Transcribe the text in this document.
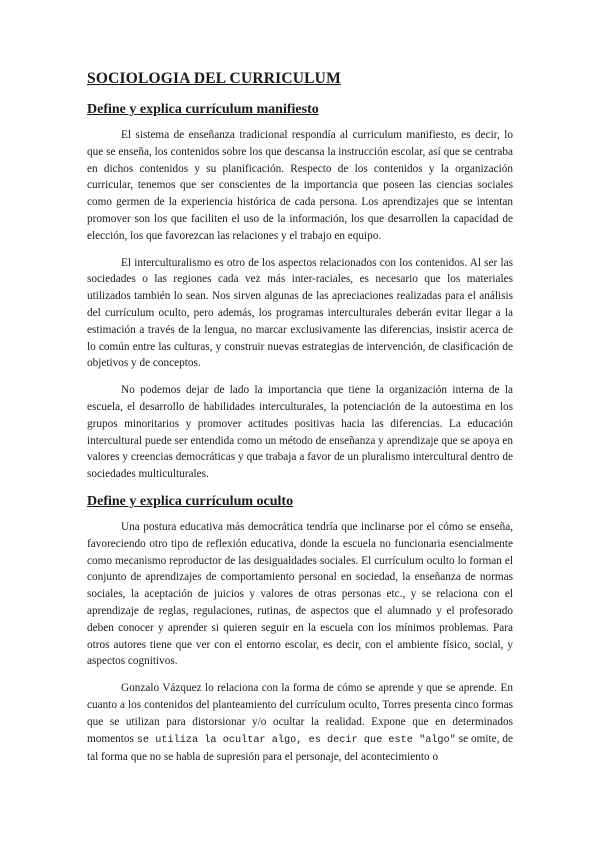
SOCIOLOGIA DEL CURRICULUM
Define y explica currículum manifiesto

El sistema de enseñanza tradicional respondía al curriculum manifiesto, es decir, lo que se enseña, los contenidos sobre los que descansa la instrucción escolar, así que se centraba en dichos contenidos y su planificación. Respecto de los contenidos y la organización curricular, tenemos que ser conscientes de la importancia que poseen las ciencias sociales como germen de la experiencia histórica de cada persona. Los aprendizajes que se intentan promover son los que faciliten el uso de la información, los que desarrollen la capacidad de elección, los que favorezcan las relaciones y el trabajo en equipo.

El interculturalismo es otro de los aspectos relacionados con los contenidos. Al ser las sociedades o las regiones cada vez más inter-raciales, es necesario que los materiales utilizados también lo sean. Nos sirven algunas de las apreciaciones realizadas para el análisis del currículum oculto, pero además, los programas interculturales deberán evitar llegar a la estimación a través de la lengua, no marcar exclusivamente las diferencias, insistir acerca de lo común entre las culturas, y construir nuevas estrategias de intervención, de clasificación de objetivos y de conceptos.

No podemos dejar de lado la importancia que tiene la organización interna de la escuela, el desarrollo de habilidades interculturales, la potenciación de la autoestima en los grupos minoritarios y promover actitudes positivas hacia las diferencias. La educación intercultural puede ser entendida como un método de enseñanza y aprendizaje que se apoya en valores y creencias democráticas y que trabaja a favor de un pluralismo intercultural dentro de sociedades multiculturales.

Define y explica currículum oculto

Una postura educativa más democrática tendría que inclinarse por el cómo se enseña, favoreciendo otro tipo de reflexión educativa, donde la escuela no funcionaria esencialmente como mecanismo reproductor de las desigualdades sociales. El currículum oculto lo forman el conjunto de aprendizajes de comportamiento personal en sociedad, la enseñanza de normas sociales, la aceptación de juicios y valores de otras personas etc., y se relaciona con el aprendizaje de reglas, regulaciones, rutinas, de aspectos que el alumnado y el profesorado deben conocer y aprender si quieren seguir en la escuela con los mínimos problemas. Para otros autores tiene que ver con el entorno escolar, es decir, con el ambiente físico, social, y aspectos cognitivos.

Gonzalo Vázquez lo relaciona con la forma de cómo se aprende y que se aprende. En cuanto a los contenidos del planteamiento del currículum oculto, Torres presenta cinco formas que se utilizan para distorsionar y/o ocultar la realidad. Expone que en determinados momentos se utiliza la ocultar algo, es decir que este "algo" se omite, de tal forma que no se habla de supresión para el personaje, del acontecimiento o
